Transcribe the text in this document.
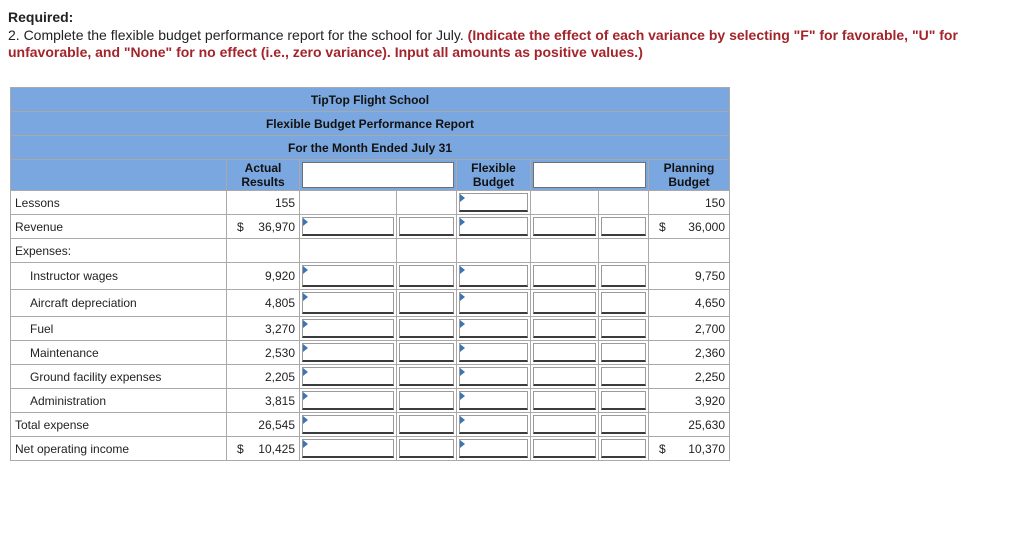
Required:
2. Complete the flexible budget performance report for the school for July. (Indicate the effect of each variance by selecting "F" for favorable, "U" for unfavorable, and "None" for no effect (i.e., zero variance). Input all amounts as positive values.)
TipTop Flight School							
Flexible Budget Performance Report							
For the Month Ended July 31							
	Actual Results			Flexible Budget			Planning Budget
Lessons	155						150
Revenue	$ 36,970						$ 36,000
Expenses:							
Instructor wages	9,920						9,750
Aircraft depreciation	4,805						4,650
Fuel	3,270						2,700
Maintenance	2,530						2,360
Ground facility expenses	2,205						2,250
Administration	3,815						3,920
Total expense	26,545						25,630
Net operating income	$ 10,425						$ 10,370
